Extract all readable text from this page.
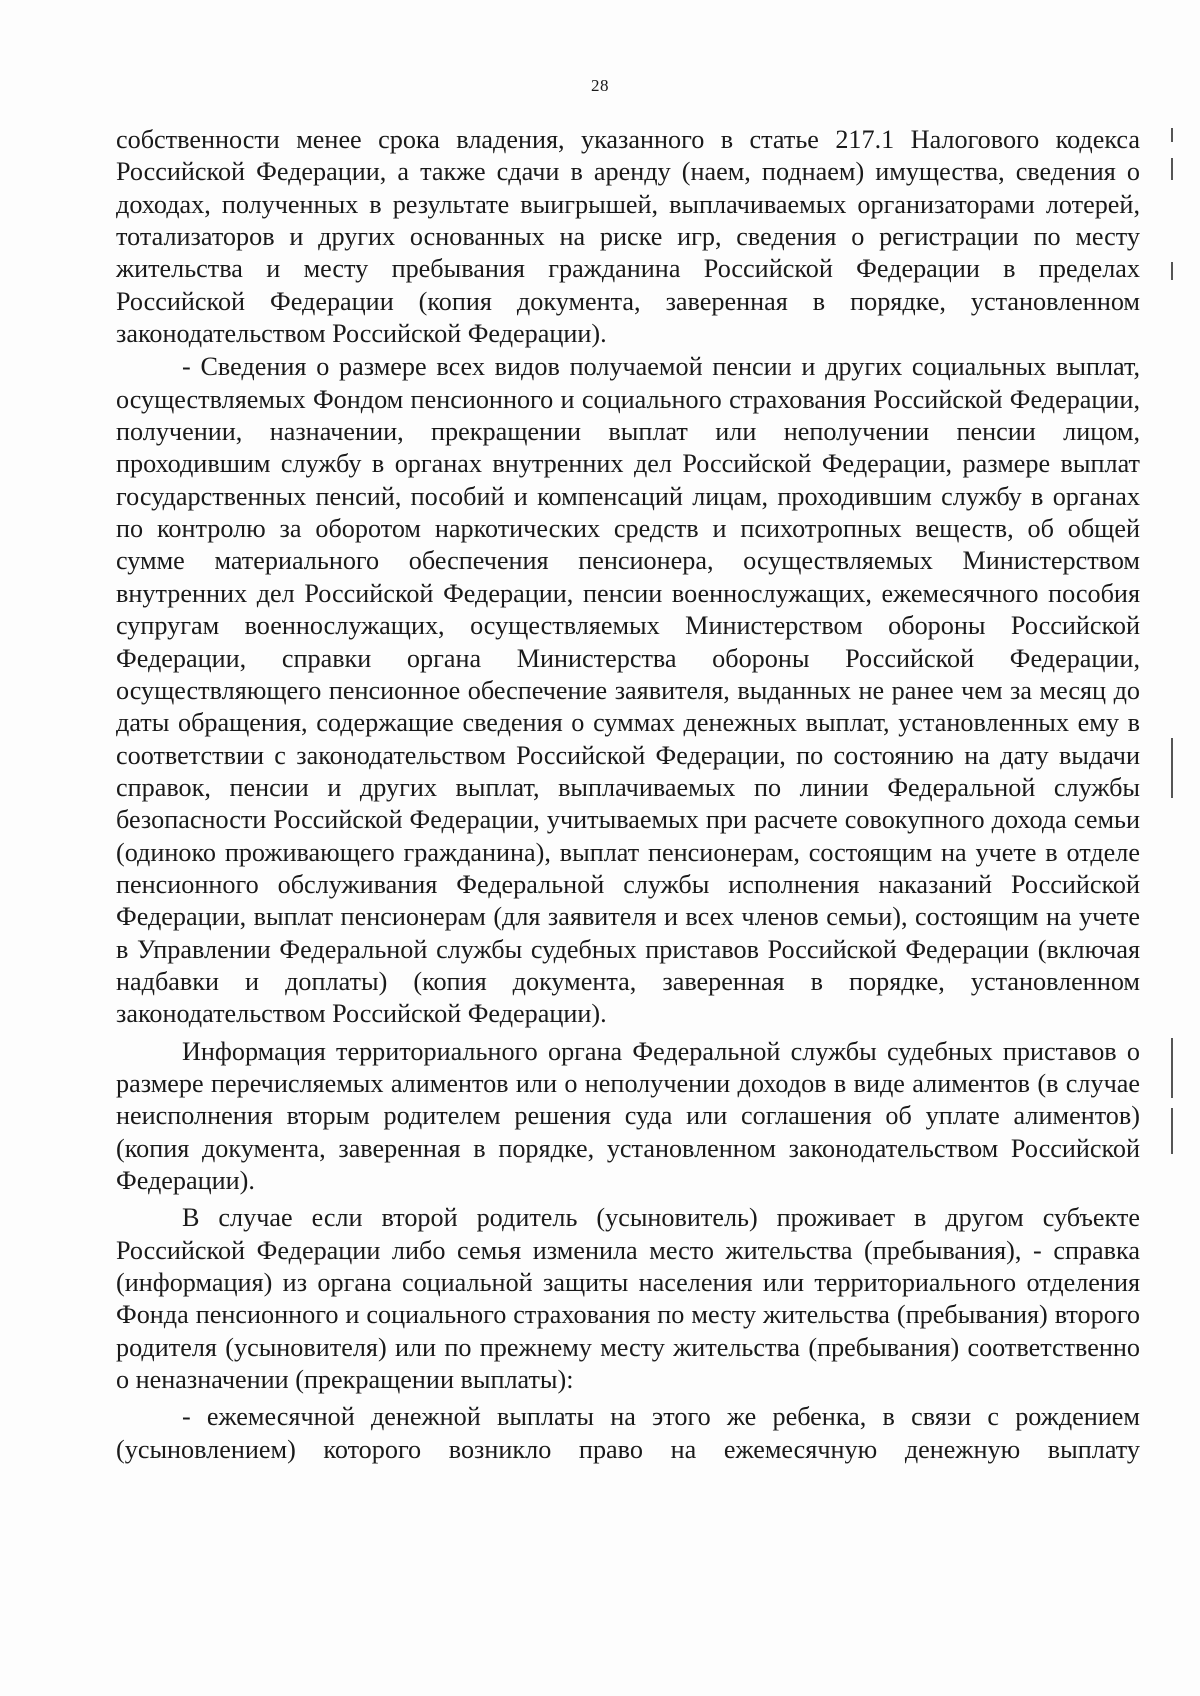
28

собственности менее срока владения, указанного в статье 217.1 Налогового кодекса Российской Федерации, а также сдачи в аренду (наем, поднаем) имущества, сведения о доходах, полученных в результате выигрышей, выплачиваемых организаторами лотерей, тотализаторов и других основанных на риске игр, сведения о регистрации по месту жительства и месту пребывания гражданина Российской Федерации в пределах Российской Федерации (копия документа, заверенная в порядке, установленном законодательством Российской Федерации).

- Сведения о размере всех видов получаемой пенсии и других социальных выплат, осуществляемых Фондом пенсионного и социального страхования Российской Федерации, получении, назначении, прекращении выплат или неполучении пенсии лицом, проходившим службу в органах внутренних дел Российской Федерации, размере выплат государственных пенсий, пособий и компенсаций лицам, проходившим службу в органах по контролю за оборотом наркотических средств и психотропных веществ, об общей сумме материального обеспечения пенсионера, осуществляемых Министерством внутренних дел Российской Федерации, пенсии военнослужащих, ежемесячного пособия супругам военнослужащих, осуществляемых Министерством обороны Российской Федерации, справки органа Министерства обороны Российской Федерации, осуществляющего пенсионное обеспечение заявителя, выданных не ранее чем за месяц до даты обращения, содержащие сведения о суммах денежных выплат, установленных ему в соответствии с законодательством Российской Федерации, по состоянию на дату выдачи справок, пенсии и других выплат, выплачиваемых по линии Федеральной службы безопасности Российской Федерации, учитываемых при расчете совокупного дохода семьи (одиноко проживающего гражданина), выплат пенсионерам, состоящим на учете в отделе пенсионного обслуживания Федеральной службы исполнения наказаний Российской Федерации, выплат пенсионерам (для заявителя и всех членов семьи), состоящим на учете в Управлении Федеральной службы судебных приставов Российской Федерации (включая надбавки и доплаты) (копия документа, заверенная в порядке, установленном законодательством Российской Федерации).

Информация территориального органа Федеральной службы судебных приставов о размере перечисляемых алиментов или о неполучении доходов в виде алиментов (в случае неисполнения вторым родителем решения суда или соглашения об уплате алиментов) (копия документа, заверенная в порядке, установленном законодательством Российской Федерации).

В случае если второй родитель (усыновитель) проживает в другом субъекте Российской Федерации либо семья изменила место жительства (пребывания), - справка (информация) из органа социальной защиты населения или территориального отделения Фонда пенсионного и социального страхования по месту жительства (пребывания) второго родителя (усыновителя) или по прежнему месту жительства (пребывания) соответственно о неназначении (прекращении выплаты):

- ежемесячной денежной выплаты на этого же ребенка, в связи с рождением (усыновлением) которого возникло право на ежемесячную денежную выплату
